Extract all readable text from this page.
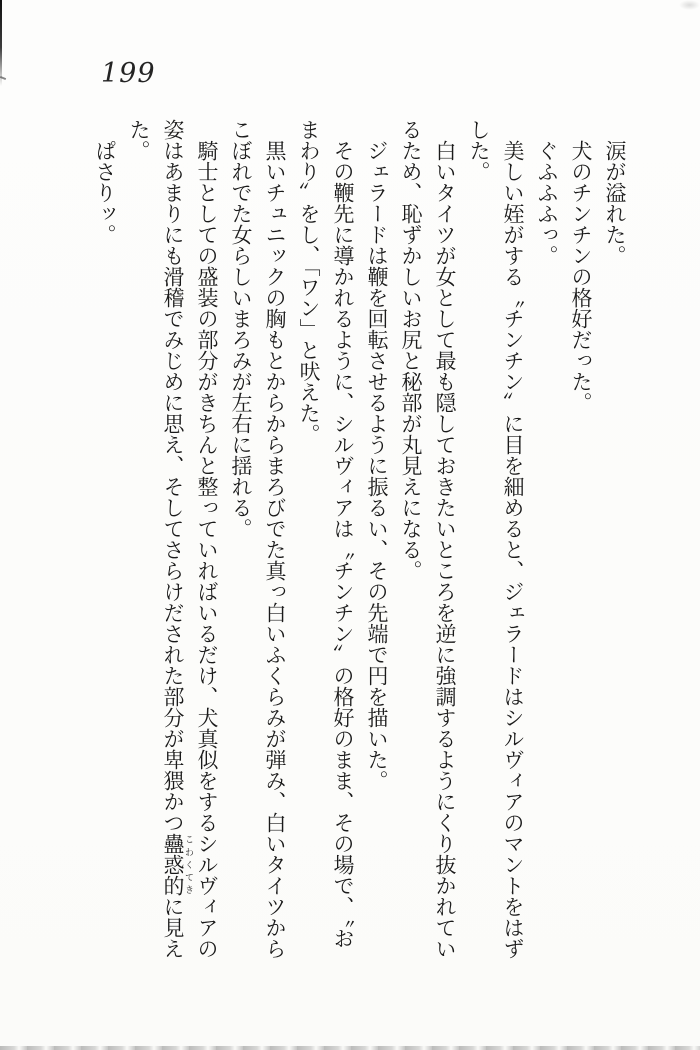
199

涙が溢れた。

犬のチンチンの格好だった。

ぐふふふっ。

美しい姪がする〝チンチン〟に目を細めると、ジェラードはシルヴィアのマントをはずした。

白いタイツが女として最も隠しておきたいところを逆に強調するようにくり抜かれているため、恥ずかしいお尻と秘部が丸見えになる。

ジェラードは鞭を回転させるように振るい、その先端で円を描いた。

その鞭先に導かれるように、シルヴィアは〝チンチン〟の格好のまま、その場で、〝おまわり〟をし、「ワン」と吠えた。

黒いチュニックの胸もとからからまろびでた真っ白いふくらみが弾み、白いタイツからこぼれでた女らしいまろみが左右に揺れる。

騎士としての盛装の部分がきちんと整っていればいるだけ、犬真似をするシルヴィアの姿はあまりにも滑稽でみじめに思え、そしてさらけだされた部分が卑猥かつ蠱惑的 こわくてきに見えた。

ぱさりッ。
